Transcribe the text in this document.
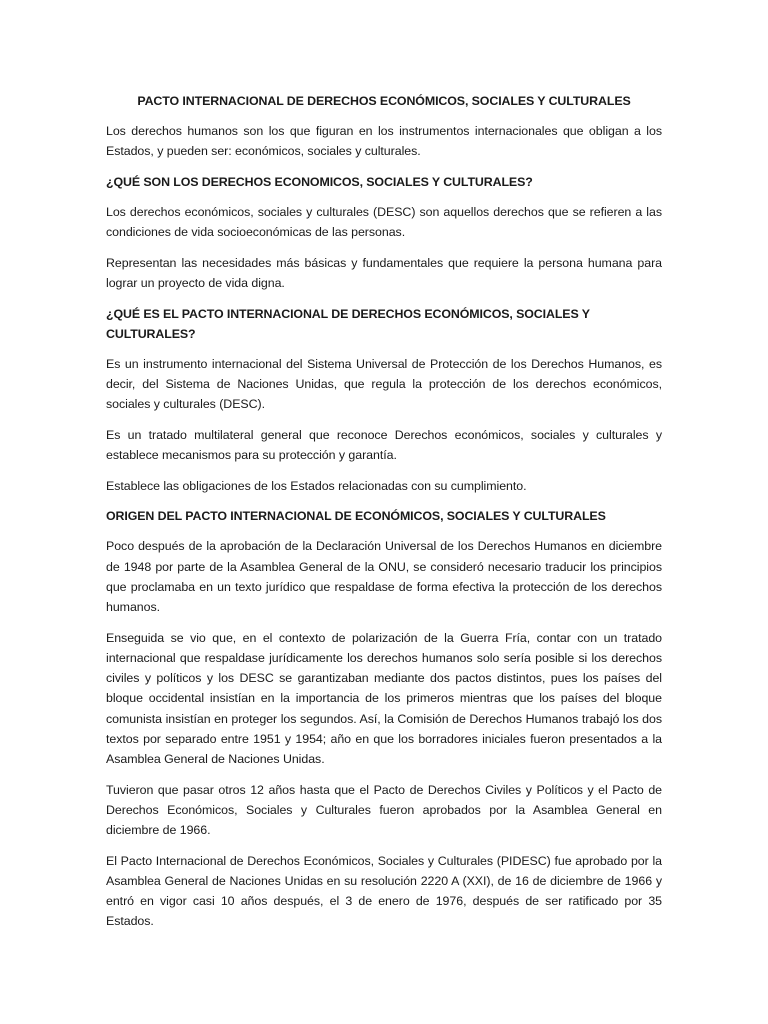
PACTO INTERNACIONAL DE DERECHOS ECONÓMICOS, SOCIALES Y CULTURALES

Los derechos humanos son los que figuran en los instrumentos internacionales que obligan a los Estados, y pueden ser: económicos, sociales y culturales.

¿QUÉ SON LOS DERECHOS ECONOMICOS, SOCIALES Y CULTURALES?

Los derechos económicos, sociales y culturales (DESC) son aquellos derechos que se refieren a las condiciones de vida socioeconómicas de las personas.

Representan las necesidades más básicas y fundamentales que requiere la persona humana para lograr un proyecto de vida digna.

¿QUÉ ES EL PACTO INTERNACIONAL DE DERECHOS ECONÓMICOS, SOCIALES Y CULTURALES?

Es un instrumento internacional del Sistema Universal de Protección de los Derechos Humanos, es decir, del Sistema de Naciones Unidas, que regula la protección de los derechos económicos, sociales y culturales (DESC).

Es un tratado multilateral general que reconoce Derechos económicos, sociales y culturales y establece mecanismos para su protección y garantía.

Establece las obligaciones de los Estados relacionadas con su cumplimiento.

ORIGEN DEL PACTO INTERNACIONAL DE ECONÓMICOS, SOCIALES Y CULTURALES

Poco después de la aprobación de la Declaración Universal de los Derechos Humanos en diciembre de 1948 por parte de la Asamblea General de la ONU, se consideró necesario traducir los principios que proclamaba en un texto jurídico que respaldase de forma efectiva la protección de los derechos humanos.

Enseguida se vio que, en el contexto de polarización de la Guerra Fría, contar con un tratado internacional que respaldase jurídicamente los derechos humanos solo sería posible si los derechos civiles y políticos y los DESC se garantizaban mediante dos pactos distintos, pues los países del bloque occidental insistían en la importancia de los primeros mientras que los países del bloque comunista insistían en proteger los segundos. Así, la Comisión de Derechos Humanos trabajó los dos textos por separado entre 1951 y 1954; año en que los borradores iniciales fueron presentados a la Asamblea General de Naciones Unidas.

Tuvieron que pasar otros 12 años hasta que el Pacto de Derechos Civiles y Políticos y el Pacto de Derechos Económicos, Sociales y Culturales fueron aprobados por la Asamblea General en diciembre de 1966.

El Pacto Internacional de Derechos Económicos, Sociales y Culturales (PIDESC) fue aprobado por la Asamblea General de Naciones Unidas en su resolución 2220 A (XXI), de 16 de diciembre de 1966 y entró en vigor casi 10 años después, el 3 de enero de 1976, después de ser ratificado por 35 Estados.
